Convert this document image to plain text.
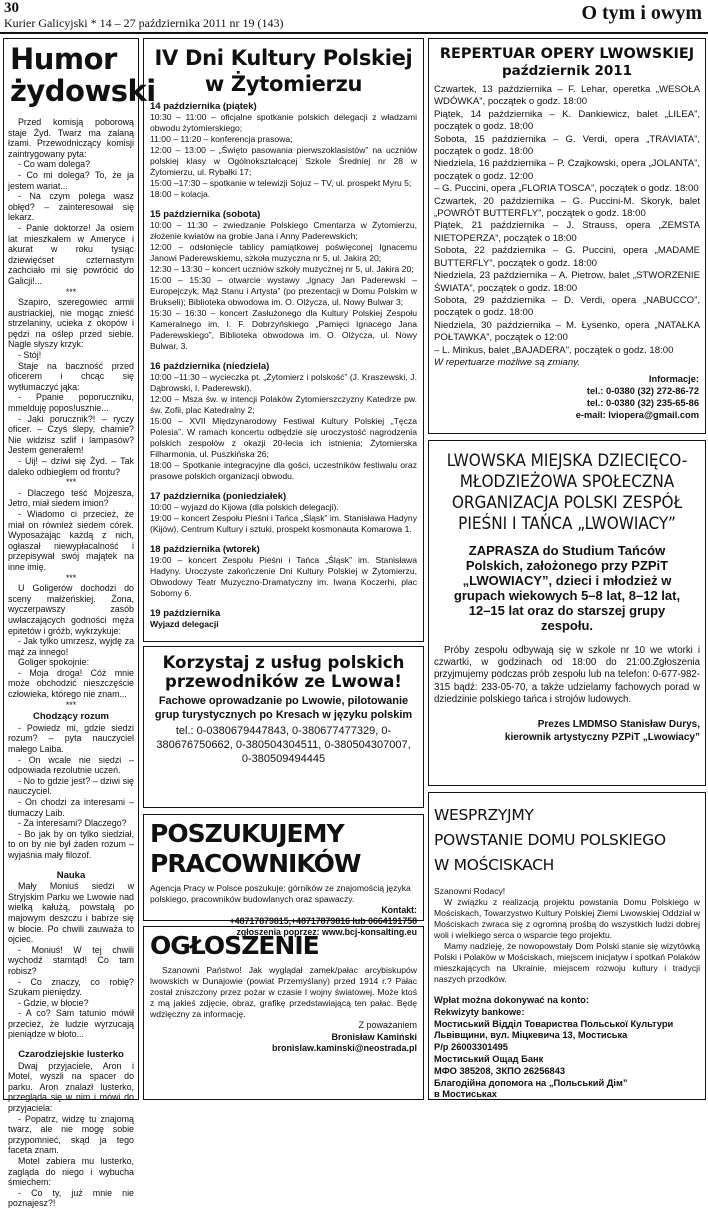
30
Kurier Galicyjski * 14 – 27 października 2011 nr 19 (143)	O tym i owym
Humor żydowski

Przed komisją poborową staje Żyd. Twarz ma zalaną łzami. Przewodniczący komisji zaintrygowany pyta:

- Co wam dolega?

- Co mi dolega? To, że ja jestem wariat...

- Na czym polega wasz obłęd? – zainteresował się lekarz.

- Panie doktorze! Ja osiem lat mieszkałem w Ameryce i akurat w roku tysiąc dziewięćset czternastym zachciało mi się powrócić do Galicji!...

***

Szapiro, szeregowiec armii austriackiej, nie mogąc znieść strzelaniny, ucieka z okopów i pędzi na oślep przed siebie. Nagle słyszy krzyk:

- Stój!

Staje na baczność przed oficerem i chcąc się wytłumaczyć jąka:

- Ppanie poporuczniku, mmelduję popos!usznie...

- Jaki porucznik?! – ryczy oficer. – Czyś ślepy, chamie? Nie widzisz szlif i lampasów? Jestem generałem!

- Uij! – dziwi się Żyd. – Tak daleko odbiegłem od frontu?

***

- Dlaczego teść Mojżesza, Jetro, miał siedem imion?

- Wiadomo ci przecież, że miał on również siedem córek. Wyposażając każdą z nich, ogłaszał niewypłacalność i przepisywał swój majątek na inne imię.

***

U Goligerów dochodzi do sceny małżeńskiej. Żona, wyczerpawszy zasób uwłaczających godności męża epitetów i gróźb, wykrzykuje:

- Jak tylko umrzesz, wyjdę za mąż za innego!

Goliger spokojnie:

- Moja droga! Cóż mnie może obchodzić nieszczęście człowieka, którego nie znam...

***

Chodzący rozum

- Powiedz mi, gdzie siedzi rozum? – pyta nauczyciel małego Laiba.

- On wcale nie siedzi – odpowiada rezolutnie uczeń.

- No to gdzie jest? – dziwi się nauczyciel.

- On chodzi za interesami – tłumaczy Laib.

- Za interesami? Dlaczego?

- Bo jak by on tylko siedział, to on by nie był żaden rozum – wyjaśnia mały filozof.

Nauka

Mały Moniuś siedzi w Stryjskim Parku we Lwowie nad wielką kałużą, powstałą po majowym deszczu i babrze się w błocie. Po chwili zauważa to ojciec.

- Moniuś! W tej chwili wychodź stamtąd! Co tam robisz?

- Co znaczy, co robię? Szukam pieniędzy.

- Gdzie, w błocie?

- A co? Sam tatunio mówił przecież, że ludzie wyrzucają pieniądze w błoto...

Czarodziejskie lusterko

Dwaj przyjaciele, Aron i Motel, wyszli na spacer do parku. Aron znalazł lusterko, przegląda się w nim i mówi do przyjaciela:

- Popatrz, widzę tu znajomą twarz, ale nie mogę sobie przypomnieć, skąd ja tego faceta znam.

Motel zabiera mu lusterko, zagląda do niego i wybucha śmiechem:

- Co ty, już mnie nie poznajesz?!

IV Dni Kultury Polskiej
w Żytomierzu
14 października (piątek)
10:30 – 11:00 – oficjalne spotkanie polskich delegacji z władzami obwodu żytomierskiego;
11:00 – 11:20 – konferencja prasowa;
12:00 – 13:00 – „Święto pasowania pierwszoklasistów” na uczniów polskiej klasy w Ogólnokształcącej Szkole Średniej nr 28 w Żytomierzu, ul. Rybałki 17;
15:00 –17:30 – spotkanie w telewizji Sojuz – TV, ul. prospekt Myru 5;
18:00 – kolacja.
15 października (sobota)
10:00 – 11:30 – zwiedzanie Polskiego Cmentarza w Żytomierzu, złożenie kwiatów na grobie Jana i Anny Paderewskich;
12:00 – odsłonięcie tablicy pamiątkowej poświęconej Ignacemu Janowi Paderewskiemu, szkoła muzyczna nr 5, ul. Jakira 20;
12:30 – 13:30 – koncert uczniów szkoły muzycznej nr 5, ul. Jakira 20;
15:00 – 15:30 – otwarcie wystawy „Ignacy Jan Paderewski – Europejczyk, Mąż Stanu i Artysta” (po prezentacji w Domu Polskim w Brukseli); Biblioteka obwodowa im. O. Olżycza, ul. Nowy Bulwar 3;
15:30 – 16:30 – koncert Zasłużonego dla Kultury Polskiej Zespołu Kameralnego im. I. F. Dobrzyńskiego „Pamięci Ignacego Jana Paderewskiego”, Biblioteka obwodowa im. O. Olżycza, ul. Nowy Bulwar, 3.
16 października (niedziela)
10:00 –11:30 – wycieczka pt. „Żytomierz i polskość” (J. Kraszewski, J. Dąbrowski, I. Paderewski).
12:00 – Msza św. w intencji Polaków Żytomierszczyzny Katedrze pw. św. Zofii, plac Katedralny 2;
15:00 – XVII Międzynarodowy Festiwal Kultury Polskiej „Tęcza Polesia”. W ramach koncertu odbędzie się uroczystość nagrodzenia polskich zespołów z okazji 20-lecia ich istnienia; Żytomierska Filharmonia, ul. Puszkińska 26;
18:00 – Spotkanie integracyjne dla gości, uczestników festiwalu oraz prasowe polskich organizacji obwodu.
17 października (poniedziałek)
10:00 – wyjazd do Kijowa (dla polskich delegacji).
19:00 – koncert Zespołu Pieśni i Tańca „Śląsk” im. Stanisława Hadyny (Kijów), Centrum Kultury i sztuki, prospekt kosmonauta Komarowa 1.
18 października (wtorek)
19:00 – koncert Zespołu Pieśni i Tańca „Śląsk” im. Stanisława Hadyny. Uroczyste zakończenie Dni Kultury Polskiej w Żytomierzu, Obwodowy Teatr Muzyczno-Dramatyczny im. Iwana Koczerhi, plac Soborny 6.
19 października
Wyjazd delegacji
Korzystaj z usług polskich przewodników ze Lwowa!
Fachowe oprowadzanie po Lwowie, pilotowanie grup turystycznych po Kresach w języku polskim
tel.: 0-0380679447843, 0-380677477329, 0-380676750662, 0-380504304511, 0-380504307007, 0-380509494445
POSZUKUJEMY
PRACOWNIKÓW
Agencja Pracy w Polsce poszukuje: górników ze znajomością języka polskiego, pracowników budowlanych oraz spawaczy.
Kontakt:
+48717879815,+48717879816 lub 0664191758
zgłoszenia poprzez: www.bcj-konsalting.eu
OGŁOSZENIE
Szanowni Państwo! Jak wyglądał zamek/pałac arcybiskupów lwowskich w Dunajowie (powiat Przemyślany) przed 1914 r.? Pałac został zniszczony przez pożar w czasie I wojny światowej. Może ktoś z mą jakieś zdjęcie, obraz, grafikę przedstawiającą ten pałac. Będę wdzięczny za informację.
Z poważaniem
Bronisław Kamiński
bronislaw.kaminski@neostrada.pl
REPERTUAR OPERY LWOWSKIEJ
październik 2011
Czwartek, 13 października – F. Lehar, operetka „WESOŁA WDÓWKA”, początek o godz. 18:00
Piątek, 14 października – K. Dankiewicz, balet „LILEA”, początek o godz. 18:00
Sobota, 15 października – G. Verdi, opera „TRAVIATA”, początek o godz. 18:00
Niedziela, 16 października – P. Czajkowski, opera „JOLANTA”, początek o godz. 12:00
– G. Puccini, opera „FLORIA TOSCA”, początek o godz. 18:00
Czwartek, 20 października – G. Puccini-M. Skoryk, balet „POWRÓT BUTTERFLY”, początek o godz. 18:00
Piątek, 21 października – J. Strauss, opera „ZEMSTA NIETOPERZA”, początek o 18:00
Sobota, 22 października – G. Puccini, opera „MADAME BUTTERFLY”, początek o godz. 18:00
Niedziela, 23 października – A. Pietrow, balet „STWORZENIE ŚWIATA”, początek o godz. 18:00
Sobota, 29 października – D. Verdi, opera „NABUCCO”, początek o godz. 18:00
Niedziela, 30 października – M. Łysenko, opera „NATAŁKA POŁTAWKA”, początek o 12:00
– L. Minkus, balet „BAJADERA”, początek o godz. 18:00
W repertuarze możliwe są zmiany.
Informacje:
tel.: 0-0380 (32) 272-86-72
tel.: 0-0380 (32) 235-65-86
e-mail: lviopera@gmail.com
LWOWSKA MIEJSKA DZIECIĘCO-MŁODZIEŻOWA SPOŁECZNA ORGANIZACJA POLSKI ZESPÓŁ PIEŚNI I TAŃCA „LWOWIACY”
ZAPRASZA do Studium Tańców Polskich, założonego przy PZPiT „LWOWIACY”, dzieci i młodzież w grupach wiekowych 5–8 lat, 8–12 lat, 12–15 lat oraz do starszej grupy zespołu.
Próby zespołu odbywają się w szkole nr 10 we wtorki i czwartki, w godzinach od 18:00 do 21:00.Zgłoszenia przyjmujemy podczas prób zespołu lub na telefon: 0-677-982-315 bądź: 233-05-70, a także udzielamy fachowych porad w dziedzinie polskiego tańca i strojów ludowych.
Prezes LMDMSO Stanisław Durys,
kierownik artystyczny PZPiT „Lwowiacy”
WESPRZYJMY
POWSTANIE DOMU POLSKIEGO
W MOŚCISKACH
Szanowni Rodacy!
W związku z realizacją projektu powstania Domu Polskiego w Mościskach, Towarzystwo Kultury Polskiej Ziemi Lwowskiej Oddział w Mościskach zwraca się z ogromną prośbą do wszystkich ludzi dobrej woli i wielkiego serca o wsparcie tego projektu.
Mamy nadzieję, że nowopowstały Dom Polski stanie się wizytówką Polski i Polaków w Mościskach, miejscem inicjatyw i spotkań Polaków mieszkających na Ukrainie, miejscem rozwoju kultury i tradycji naszych przodków.
Wpłat można dokonywać na konto:
Rekwizyty bankowe:
Мостиський Відділ Товариства Польської Культури
Львівщини, вул. Міцкевича 13, Мостиська
Р/р 26003301495
Мостиський Ощад Банк
МФО 385208, ЗКПО 26256843
Благодійна допомога на „Польський Дім”
в Мостиськах
